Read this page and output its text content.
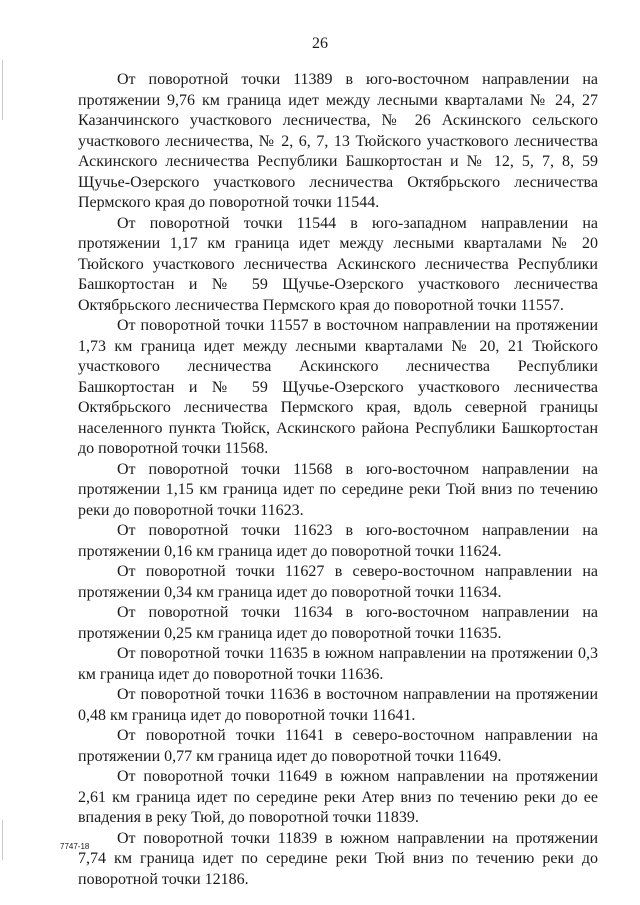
26

От поворотной точки 11389 в юго-восточном направлении на протяжении 9,76 км граница идет между лесными кварталами № 24, 27 Казанчинского участкового лесничества, № 26 Аскинского сельского участкового лесничества, № 2, 6, 7, 13 Тюйского участкового лесничества Аскинского лесничества Республики Башкортостан и № 12, 5, 7, 8, 59 Щучье-Озерского участкового лесничества Октябрьского лесничества Пермского края до поворотной точки 11544.

От поворотной точки 11544 в юго-западном направлении на протяжении 1,17 км граница идет между лесными кварталами № 20 Тюйского участкового лесничества Аскинского лесничества Республики Башкортостан и № 59 Щучье-Озерского участкового лесничества Октябрьского лесничества Пермского края до поворотной точки 11557.

От поворотной точки 11557 в восточном направлении на протяжении 1,73 км граница идет между лесными кварталами № 20, 21 Тюйского участкового лесничества Аскинского лесничества Республики Башкортостан и № 59 Щучье-Озерского участкового лесничества Октябрьского лесничества Пермского края, вдоль северной границы населенного пункта Тюйск, Аскинского района Республики Башкортостан до поворотной точки 11568.

От поворотной точки 11568 в юго-восточном направлении на протяжении 1,15 км граница идет по середине реки Тюй вниз по течению реки до поворотной точки 11623.

От поворотной точки 11623 в юго-восточном направлении на протяжении 0,16 км граница идет до поворотной точки 11624.

От поворотной точки 11627 в северо-восточном направлении на протяжении 0,34 км граница идет до поворотной точки 11634.

От поворотной точки 11634 в юго-восточном направлении на протяжении 0,25 км граница идет до поворотной точки 11635.

От поворотной точки 11635 в южном направлении на протяжении 0,3 км граница идет до поворотной точки 11636.

От поворотной точки 11636 в восточном направлении на протяжении 0,48 км граница идет до поворотной точки 11641.

От поворотной точки 11641 в северо-восточном направлении на протяжении 0,77 км граница идет до поворотной точки 11649.

От поворотной точки 11649 в южном направлении на протяжении 2,61 км граница идет по середине реки Атер вниз по течению реки до ее впадения в реку Тюй, до поворотной точки 11839.

От поворотной точки 11839 в южном направлении на протяжении 7,74 км граница идет по середине реки Тюй вниз по течению реки до поворотной точки 12186.

7747-18
